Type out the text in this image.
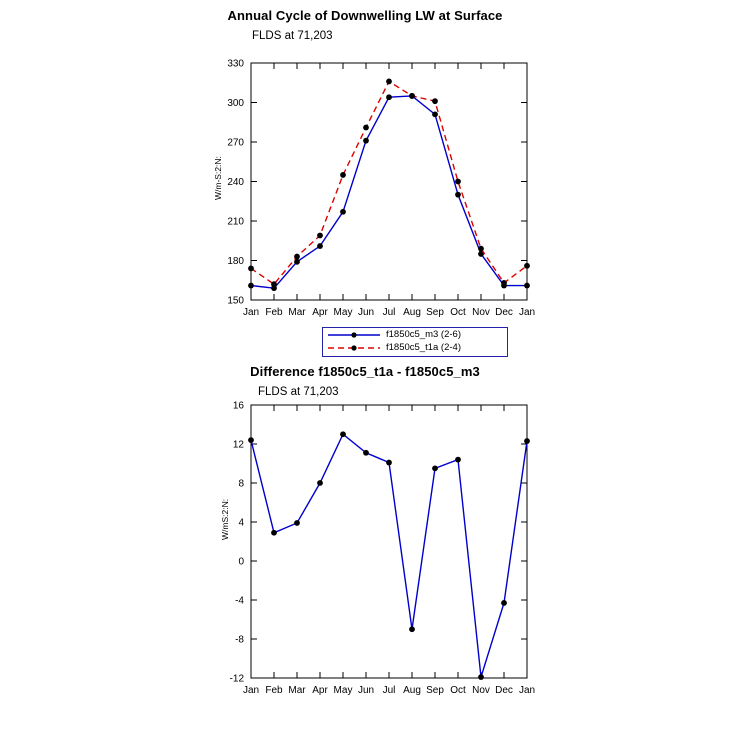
Annual Cycle of Downwelling LW at Surface
FLDS at 71,203
W/m-S:2:N:
150
180
210
240
270
300
330
Jan Feb Mar Apr May Jun Jul Aug Sep Oct Nov Dec Jan
f1850c5_m3 (2-6)
f1850c5_t1a (2-4)
Difference f1850c5_t1a - f1850c5_m3
FLDS at 71,203
W/mS:2:N:
-12
-8
-4
0
4
8
12
16
Jan Feb Mar Apr May Jun Jul Aug Sep Oct Nov Dec Jan
